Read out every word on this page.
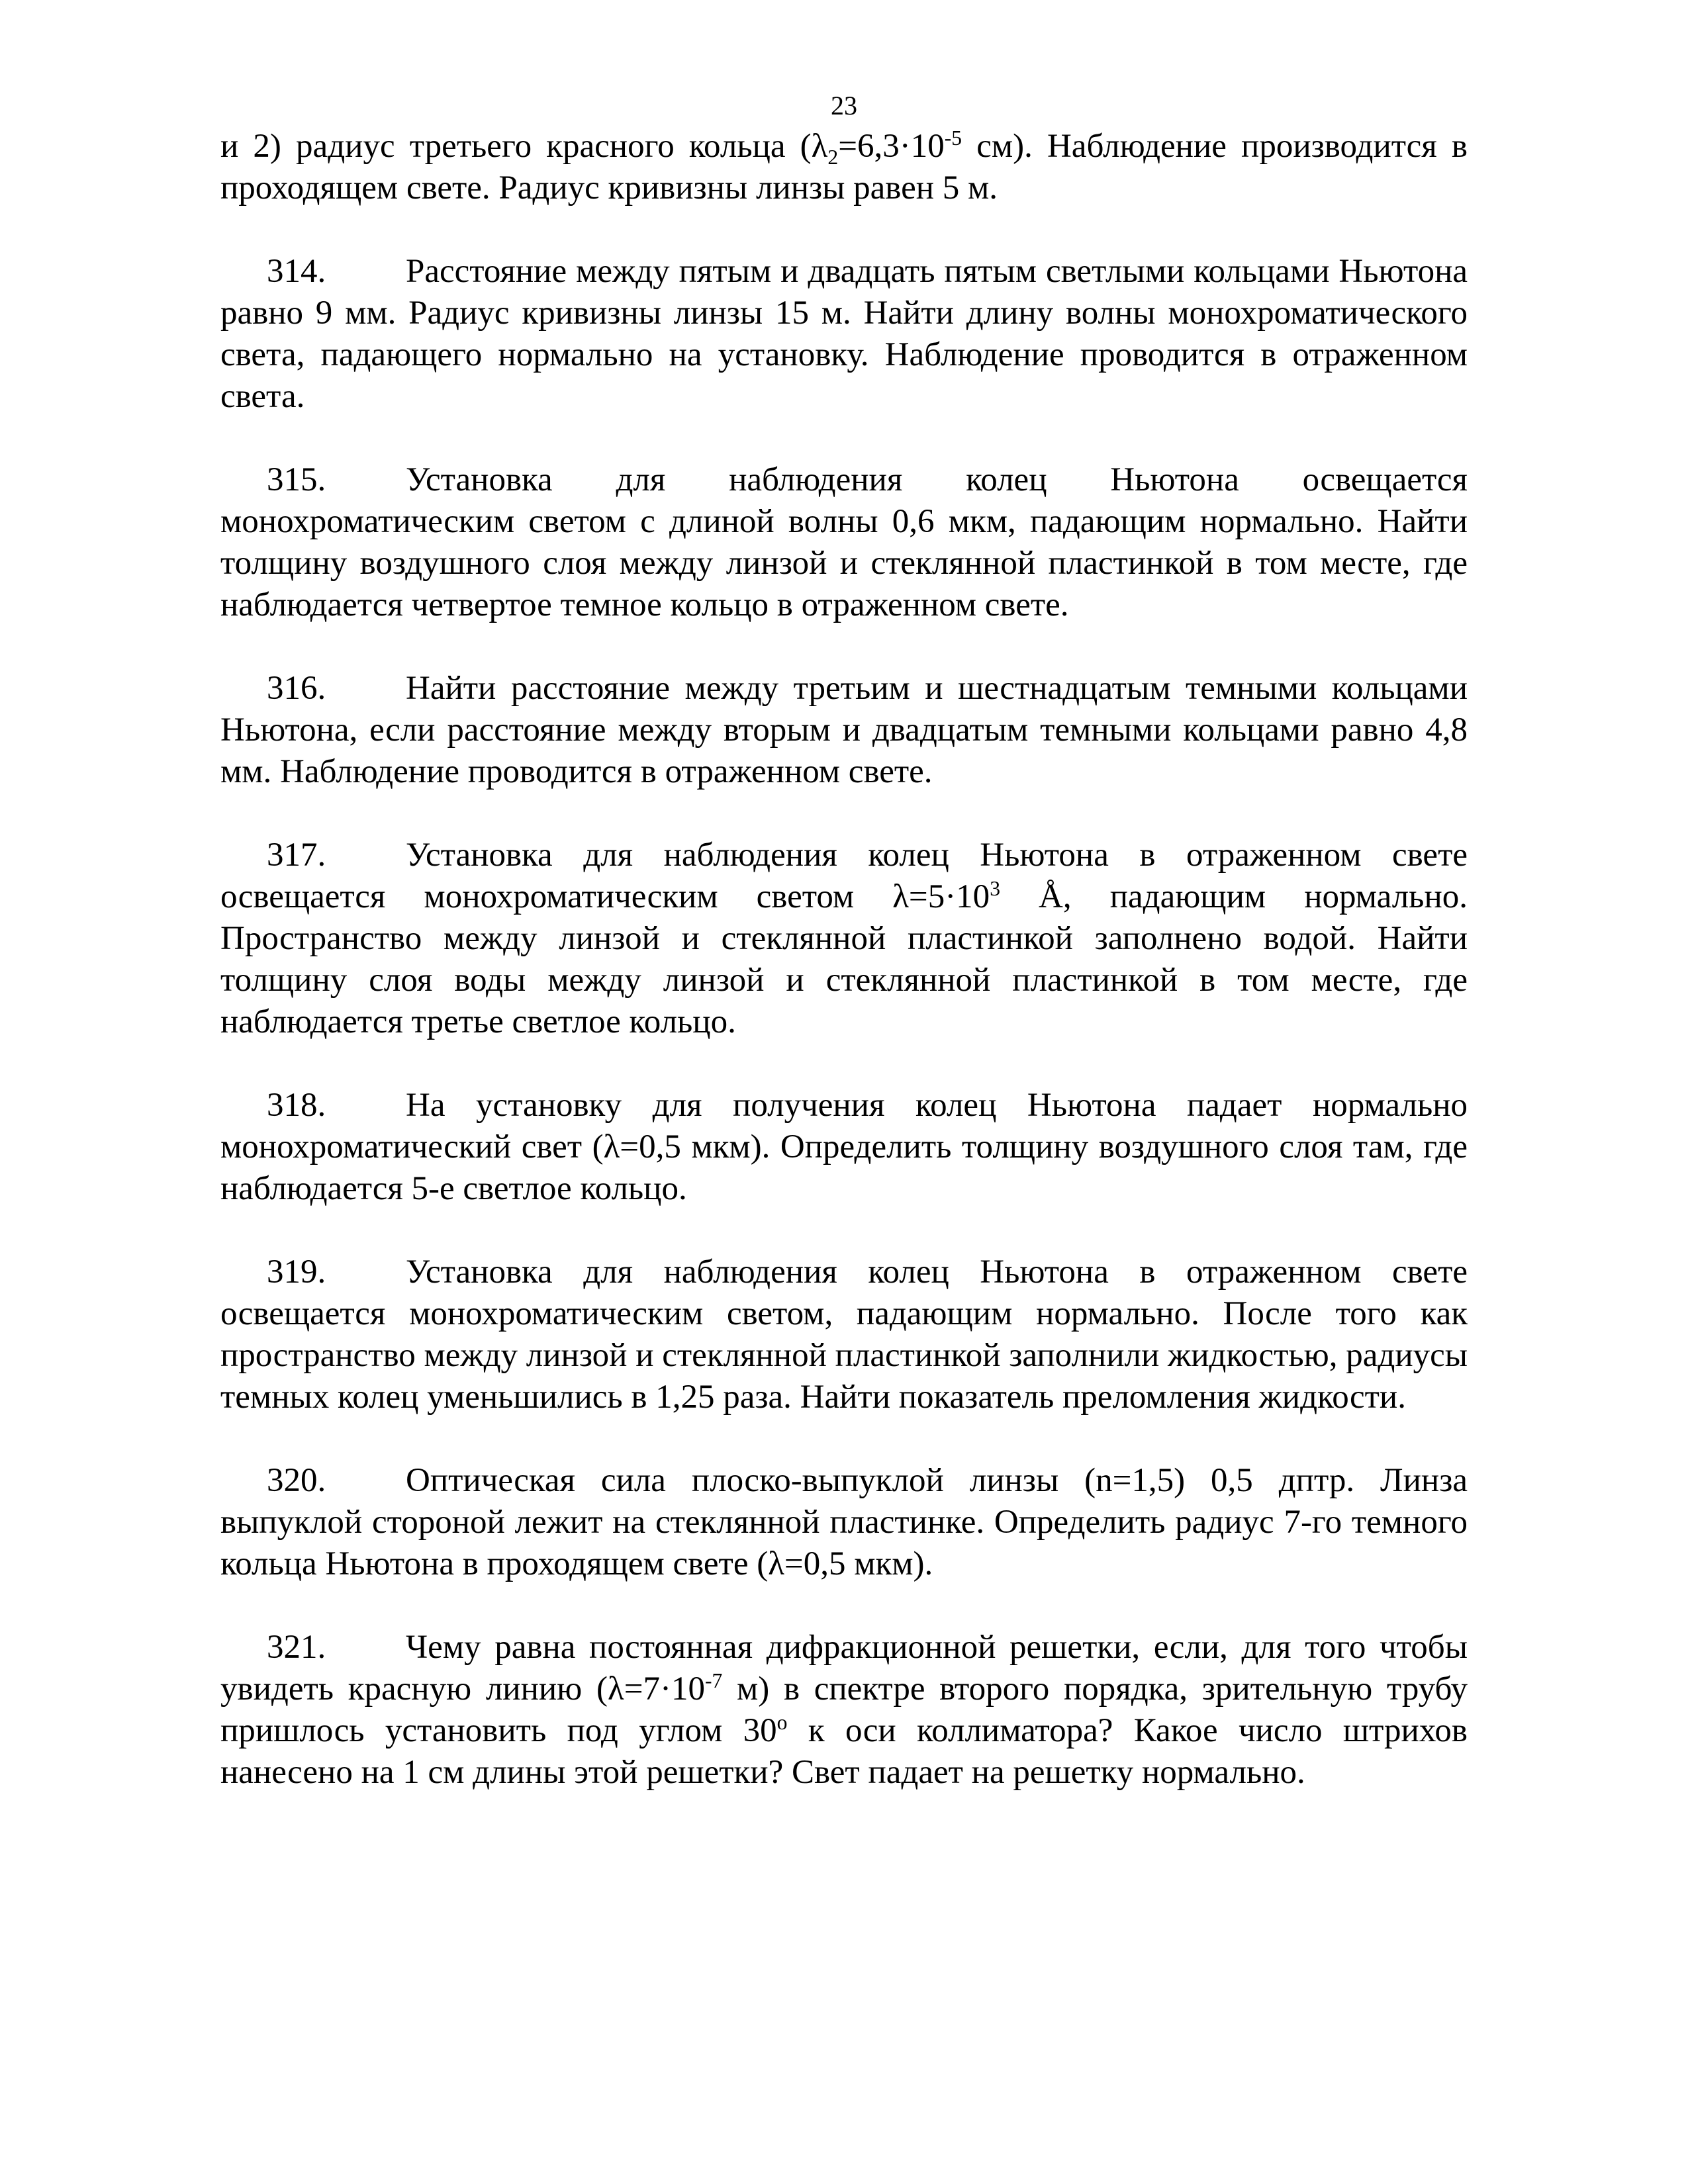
23

и 2) радиус третьего красного кольца ($\lambda_2=6,3\cdot 10^{-5}$ см). Наблюдение производится в проходящем свете. Радиус кривизны линзы равен 5 м.

314. Расстояние между пятым и двадцать пятым светлыми кольцами Ньютона равно 9 мм. Радиус кривизны линзы 15 м. Найти длину волны монохроматического света, падающего нормально на установку. Наблюдение проводится в отраженном света.

315. Установка для наблюдения колец Ньютона освещается монохроматическим светом с длиной волны 0,6 мкм, падающим нормально. Найти толщину воздушного слоя между линзой и стеклянной пластинкой в том месте, где наблюдается четвертое темное кольцо в отраженном свете.

316. Найти расстояние между третьим и шестнадцатым темными кольцами Ньютона, если расстояние между вторым и двадцатым темными кольцами равно 4,8 мм. Наблюдение проводится в отраженном свете.

317. Установка для наблюдения колец Ньютона в отраженном свете освещается монохроматическим светом $\lambda=5\cdot 10^3$ Å, падающим нормально. Пространство между линзой и стеклянной пластинкой заполнено водой. Найти толщину слоя воды между линзой и стеклянной пластинкой в том месте, где наблюдается третье светлое кольцо.

318. На установку для получения колец Ньютона падает нормально монохроматический свет (λ=0,5 мкм). Определить толщину воздушного слоя там, где наблюдается 5-е светлое кольцо.

319. Установка для наблюдения колец Ньютона в отраженном свете освещается монохроматическим светом, падающим нормально. После того как пространство между линзой и стеклянной пластинкой заполнили жидкостью, радиусы темных колец уменьшились в 1,25 раза. Найти показатель преломления жидкости.

320. Оптическая сила плоско-выпуклой линзы (n=1,5) 0,5 дптр. Линза выпуклой стороной лежит на стеклянной пластинке. Определить радиус 7-го темного кольца Ньютона в проходящем свете (λ=0,5 мкм).

321. Чему равна постоянная дифракционной решетки, если, для того чтобы увидеть красную линию ($\lambda=7\cdot 10^{-7}$ м) в спектре второго порядка, зрительную трубу пришлось установить под углом 30$^o$ к оси коллиматора? Какое число штрихов нанесено на 1 см длины этой решетки? Свет падает на решетку нормально.
